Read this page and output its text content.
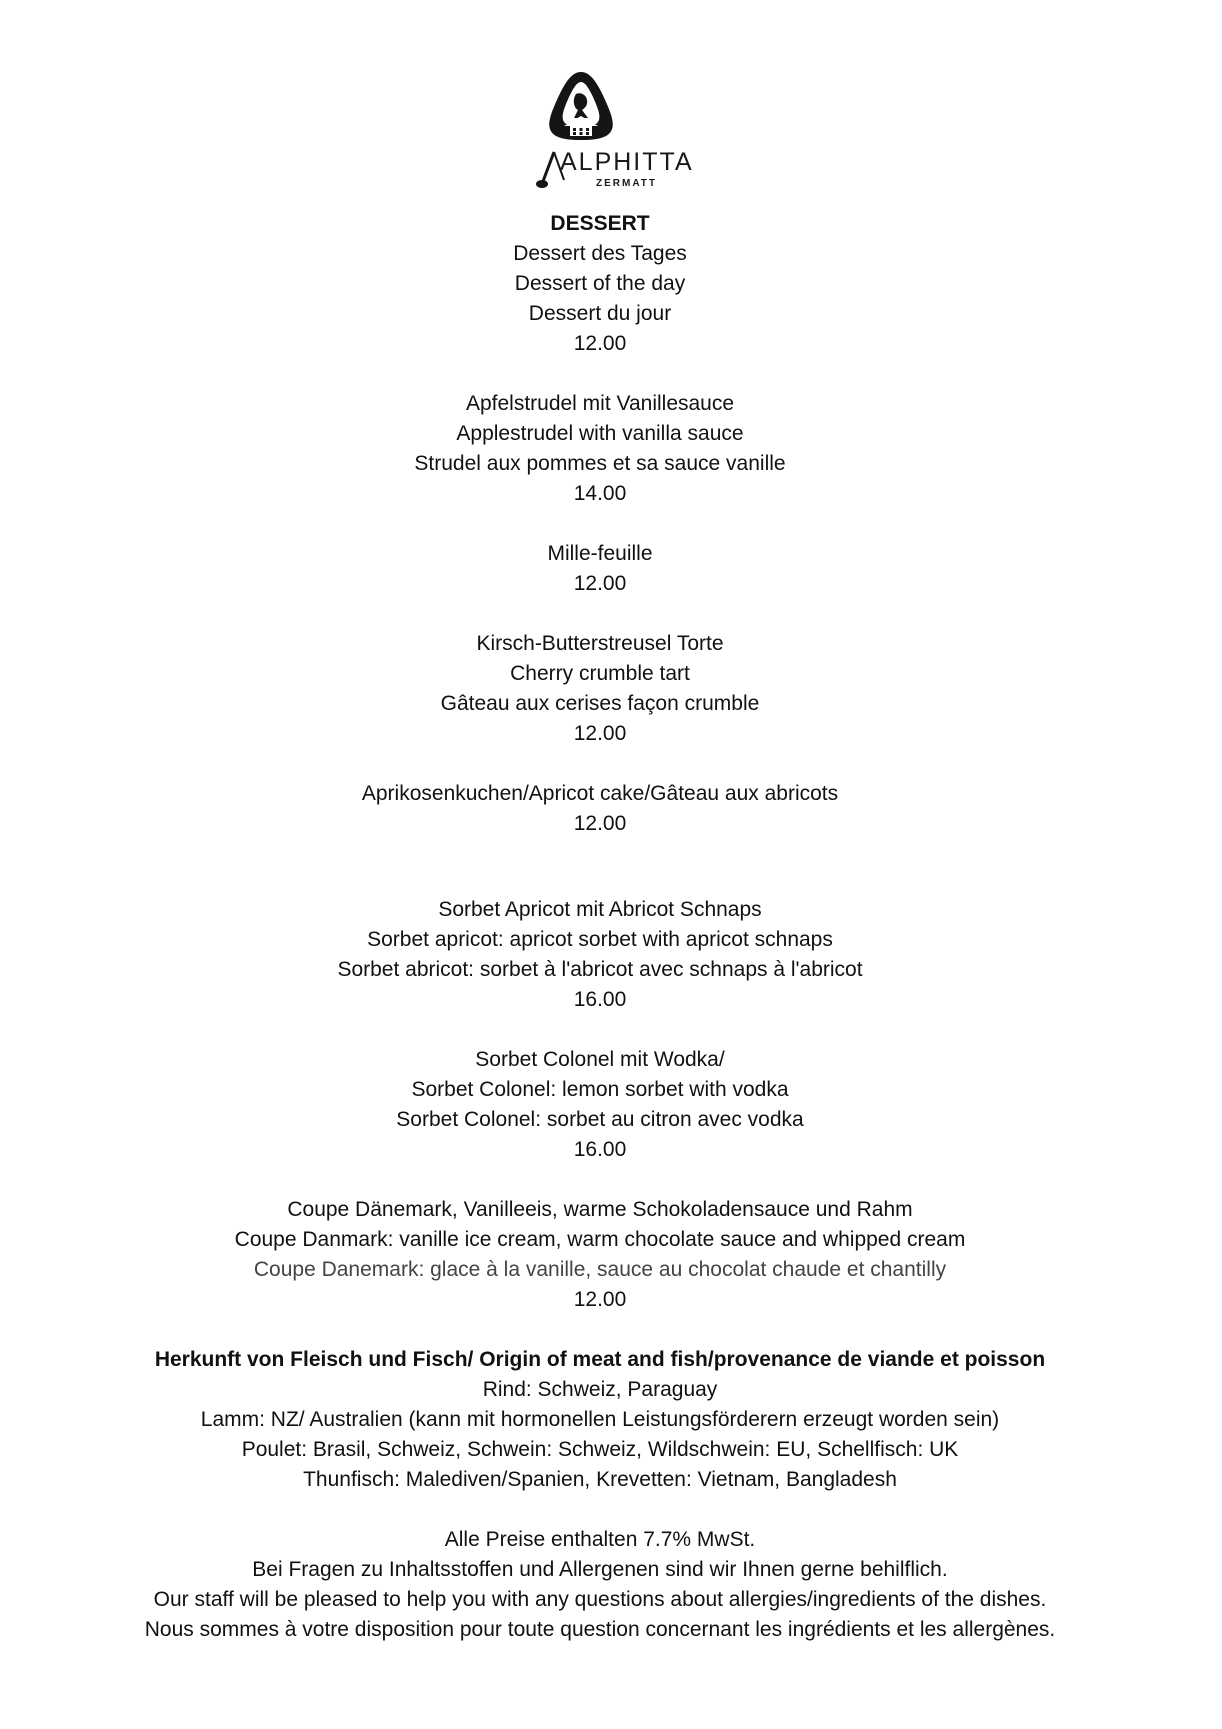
ALPHITTA
ZERMATT
DESSERT
Dessert des Tages
Dessert of the day
Dessert du jour
12.00
Apfelstrudel mit Vanillesauce
Applestrudel with vanilla sauce
Strudel aux pommes et sa sauce vanille
14.00
Mille-feuille
12.00
Kirsch-Butterstreusel Torte
Cherry crumble tart
Gâteau aux cerises façon crumble
12.00
Aprikosenkuchen/Apricot cake/Gâteau aux abricots
12.00
Sorbet Apricot mit Abricot Schnaps
Sorbet apricot: apricot sorbet with apricot schnaps
Sorbet abricot: sorbet à l'abricot avec schnaps à l'abricot
16.00
Sorbet Colonel mit Wodka/
Sorbet Colonel: lemon sorbet with vodka
Sorbet Colonel: sorbet au citron avec vodka
16.00
Coupe Dänemark, Vanilleeis, warme Schokoladensauce und Rahm
Coupe Danmark: vanille ice cream, warm chocolate sauce and whipped cream
Coupe Danemark: glace à la vanille, sauce au chocolat chaude et chantilly
12.00
Herkunft von Fleisch und Fisch/ Origin of meat and fish/provenance de viande et poisson
Rind: Schweiz, Paraguay
Lamm: NZ/ Australien (kann mit hormonellen Leistungsförderern erzeugt worden sein)
Poulet: Brasil, Schweiz, Schwein: Schweiz, Wildschwein: EU, Schellfisch: UK
Thunfisch: Malediven/Spanien, Krevetten: Vietnam, Bangladesh
Alle Preise enthalten 7.7% MwSt.
Bei Fragen zu Inhaltsstoffen und Allergenen sind wir Ihnen gerne behilflich.
Our staff will be pleased to help you with any questions about allergies/ingredients of the dishes.
Nous sommes à votre disposition pour toute question concernant les ingrédients et les allergènes.
